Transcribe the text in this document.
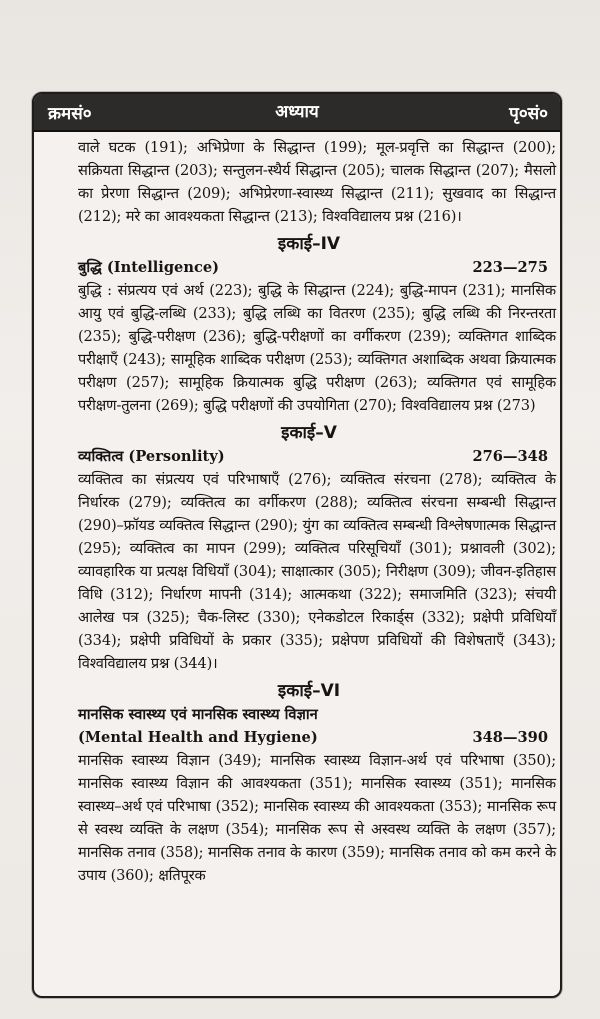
क्रमसं०	अध्याय	पृ०सं०
वाले घटक (191); अभिप्रेणा के सिद्धान्त (199); मूल-प्रवृत्ति का सिद्धान्त (200); सक्रियता सिद्धान्त (203); सन्तुलन-स्थैर्य सिद्धान्त (205); चालक सिद्धान्त (207); मैसलो का प्रेरणा सिद्धान्त (209); अभिप्रेरणा-स्वास्थ्य सिद्धान्त (211); सुखवाद का सिद्धान्त (212); मरे का आवश्यकता सिद्धान्त (213); विश्वविद्यालय प्रश्न (216)।
इकाई–IV
बुद्धि (Intelligence)	223—275
बुद्धि : संप्रत्यय एवं अर्थ (223); बुद्धि के सिद्धान्त (224); बुद्धि-मापन (231); मानसिक आयु एवं बुद्धि-लब्धि (233); बुद्धि लब्धि का वितरण (235); बुद्धि लब्धि की निरन्तरता (235); बुद्धि-परीक्षण (236); बुद्धि-परीक्षणों का वर्गीकरण (239); व्यक्तिगत शाब्दिक परीक्षाएँ (243); सामूहिक शाब्दिक परीक्षण (253); व्यक्तिगत अशाब्दिक अथवा क्रियात्मक परीक्षण (257); सामूहिक क्रियात्मक बुद्धि परीक्षण (263); व्यक्तिगत एवं सामूहिक परीक्षण-तुलना (269); बुद्धि परीक्षणों की उपयोगिता (270); विश्वविद्यालय प्रश्न (273)
इकाई–V
व्यक्तित्व (Personlity)	276—348
व्यक्तित्व का संप्रत्यय एवं परिभाषाएँ (276); व्यक्तित्व संरचना (278); व्यक्तित्व के निर्धारक (279); व्यक्तित्व का वर्गीकरण (288); व्यक्तित्व संरचना सम्बन्धी सिद्धान्त (290)–फ्रॉयड व्यक्तित्व सिद्धान्त (290); युंग का व्यक्तित्व सम्बन्धी विश्लेषणात्मक सिद्धान्त (295); व्यक्तित्व का मापन (299); व्यक्तित्व परिसूचियाँ (301); प्रश्नावली (302); व्यावहारिक या प्रत्यक्ष विधियाँ (304); साक्षात्कार (305); निरीक्षण (309); जीवन-इतिहास विधि (312); निर्धारण मापनी (314); आत्मकथा (322); समाजमिति (323); संचयी आलेख पत्र (325); चैक-लिस्ट (330); एनेकडोटल रिकार्ड्स (332); प्रक्षेपी प्रविधियाँ (334); प्रक्षेपी प्रविधियों के प्रकार (335); प्रक्षेपण प्रविधियों की विशेषताएँ (343); विश्वविद्यालय प्रश्न (344)।
इकाई–VI
मानसिक स्वास्थ्य एवं मानसिक स्वास्थ्य विज्ञान
(Mental Health and Hygiene)	348—390
मानसिक स्वास्थ्य विज्ञान (349); मानसिक स्वास्थ्य विज्ञान-अर्थ एवं परिभाषा (350); मानसिक स्वास्थ्य विज्ञान की आवश्यकता (351); मानसिक स्वास्थ्य (351); मानसिक स्वास्थ्य–अर्थ एवं परिभाषा (352); मानसिक स्वास्थ्य की आवश्यकता (353); मानसिक रूप से स्वस्थ व्यक्ति के लक्षण (354); मानसिक रूप से अस्वस्थ व्यक्ति के लक्षण (357); मानसिक तनाव (358); मानसिक तनाव के कारण (359); मानसिक तनाव को कम करने के उपाय (360); क्षतिपूरक
